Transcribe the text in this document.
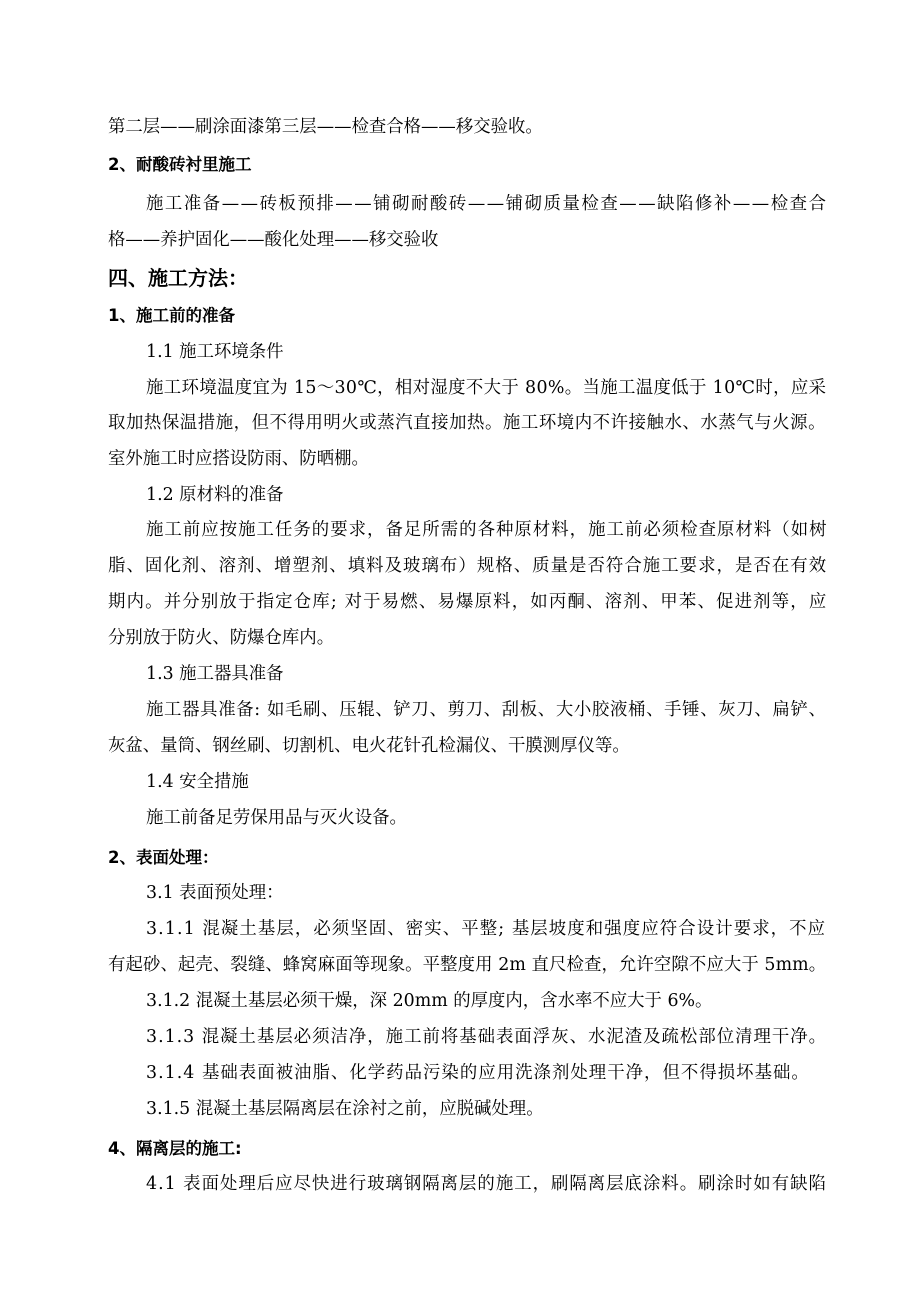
第二层——刷涂面漆第三层——检查合格——移交验收。
2、耐酸砖衬里施工
施工准备——砖板预排——铺砌耐酸砖——铺砌质量检查——缺陷修补——检查合
格——养护固化——酸化处理——移交验收
四、施工方法：
1、施工前的准备
1.1 施工环境条件
施工环境温度宜为 15～30℃，相对湿度不大于 80%。当施工温度低于 10℃时，应采
取加热保温措施，但不得用明火或蒸汽直接加热。施工环境内不许接触水、水蒸气与火源。
室外施工时应搭设防雨、防晒棚。
1.2 原材料的准备
施工前应按施工任务的要求，备足所需的各种原材料，施工前必须检查原材料（如树
脂、固化剂、溶剂、增塑剂、填料及玻璃布）规格、质量是否符合施工要求，是否在有效
期内。并分别放于指定仓库; 对于易燃、易爆原料，如丙酮、溶剂、甲苯、促进剂等，应
分别放于防火、防爆仓库内。
1.3 施工器具准备
施工器具准备: 如毛刷、压辊、铲刀、剪刀、刮板、大小胶液桶、手锤、灰刀、扁铲、
灰盆、量筒、钢丝刷、切割机、电火花针孔检漏仪、干膜测厚仪等。
1.4 安全措施
施工前备足劳保用品与灭火设备。
2、表面处理：
3.1 表面预处理：
3.1.1 混凝土基层，必须坚固、密实、平整; 基层坡度和强度应符合设计要求，不应
有起砂、起壳、裂缝、蜂窝麻面等现象。平整度用 2m 直尺检查，允许空隙不应大于 5mm。
3.1.2 混凝土基层必须干燥，深 20mm 的厚度内，含水率不应大于 6%。
3.1.3 混凝土基层必须洁净，施工前将基础表面浮灰、水泥渣及疏松部位清理干净。
3.1.4 基础表面被油脂、化学药品污染的应用洗涤剂处理干净，但不得损坏基础。
3.1.5 混凝土基层隔离层在涂衬之前，应脱碱处理。
4、隔离层的施工:
4.1 表面处理后应尽快进行玻璃钢隔离层的施工，刷隔离层底涂料。刷涂时如有缺陷
